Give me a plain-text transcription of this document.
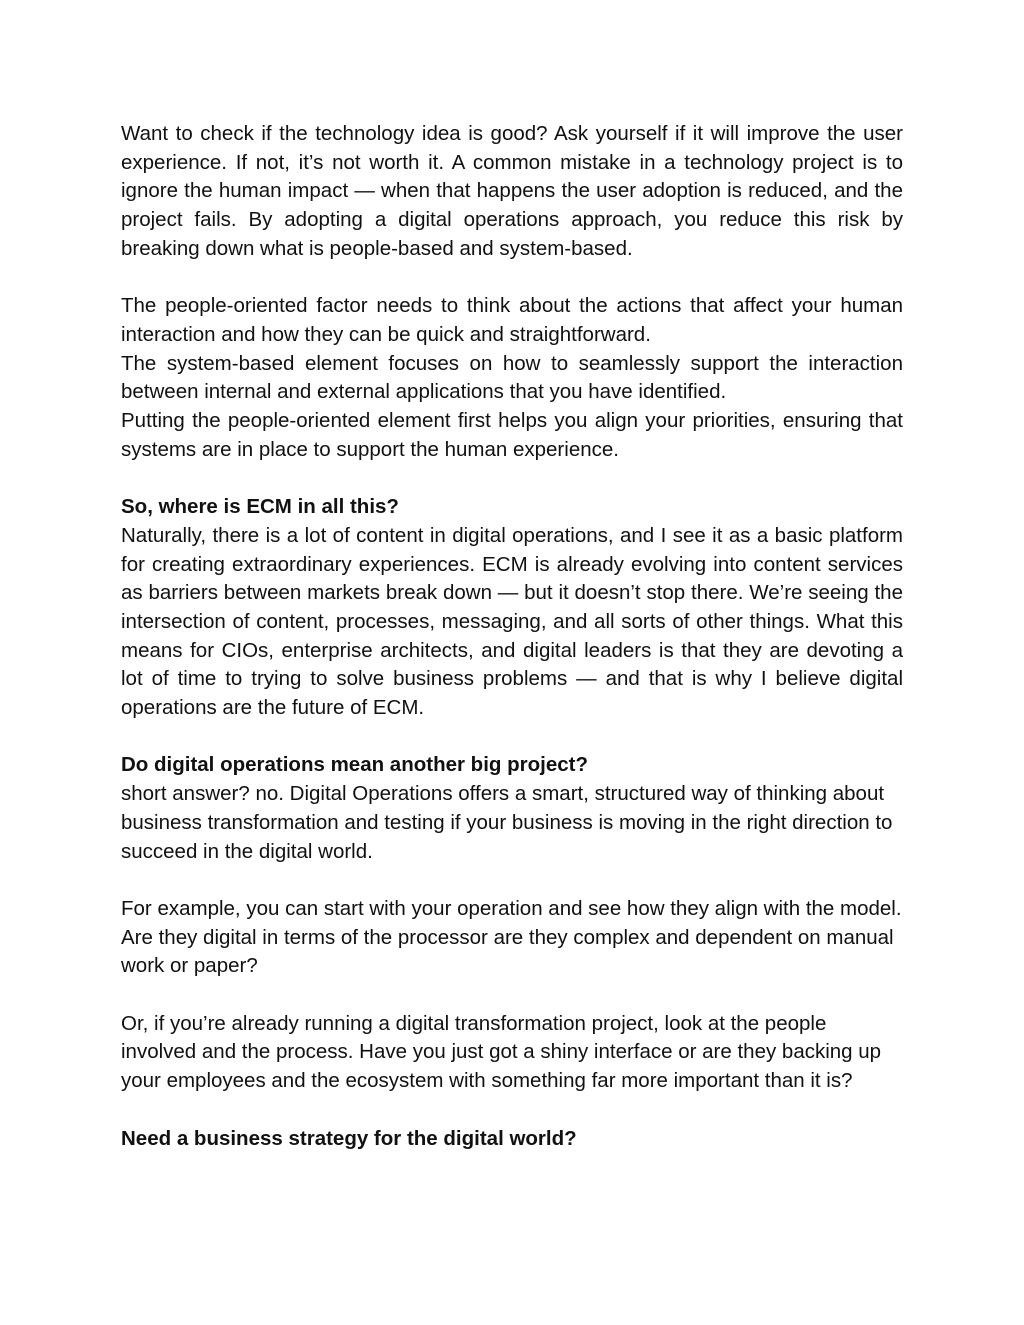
Want to check if the technology idea is good? Ask yourself if it will improve the user experience. If not, it’s not worth it. A common mistake in a technology project is to ignore the human impact — when that happens the user adoption is reduced, and the project fails. By adopting a digital operations approach, you reduce this risk by breaking down what is people-based and system-based.

The people-oriented factor needs to think about the actions that affect your human interaction and how they can be quick and straightforward.

The system-based element focuses on how to seamlessly support the interaction between internal and external applications that you have identified.

Putting the people-oriented element first helps you align your priorities, ensuring that systems are in place to support the human experience.

So, where is ECM in all this?

Naturally, there is a lot of content in digital operations, and I see it as a basic platform for creating extraordinary experiences. ECM is already evolving into content services as barriers between markets break down — but it doesn’t stop there. We’re seeing the intersection of content, processes, messaging, and all sorts of other things. What this means for CIOs, enterprise architects, and digital leaders is that they are devoting a lot of time to trying to solve business problems — and that is why I believe digital operations are the future of ECM.

Do digital operations mean another big project?

short answer? no. Digital Operations offers a smart, structured way of thinking about business transformation and testing if your business is moving in the right direction to succeed in the digital world.

For example, you can start with your operation and see how they align with the model. Are they digital in terms of the processor are they complex and dependent on manual work or paper?

Or, if you’re already running a digital transformation project, look at the people involved and the process. Have you just got a shiny interface or are they backing up your employees and the ecosystem with something far more important than it is?

Need a business strategy for the digital world?
